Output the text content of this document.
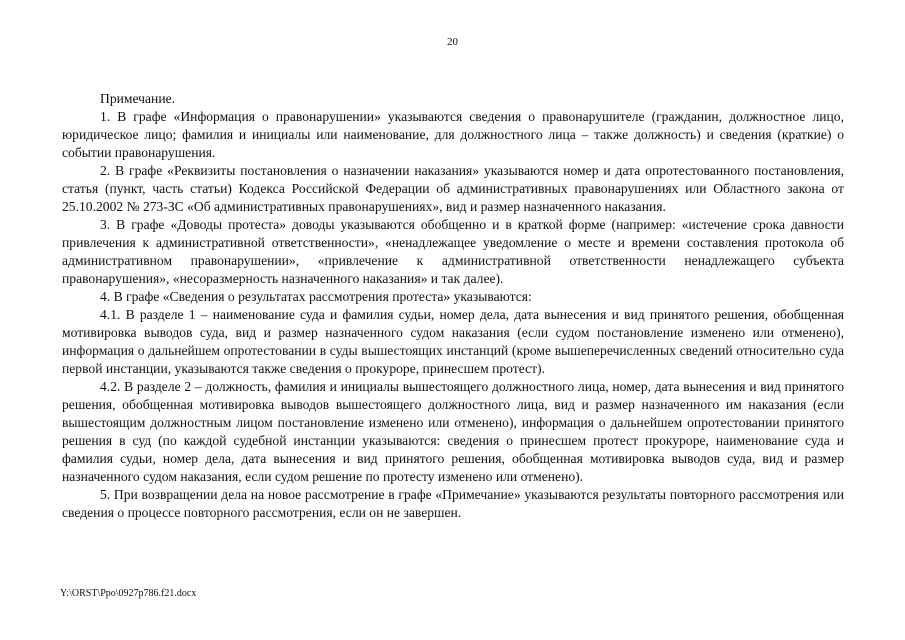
20

Примечание.

1. В графе «Информация о правонарушении» указываются сведения о правонарушителе (гражданин, должностное лицо, юридическое лицо; фамилия и инициалы или наименование, для должностного лица – также должность) и сведения (краткие) о событии правонарушения.

2. В графе «Реквизиты постановления о назначении наказания» указываются номер и дата опротестованного постановления, статья (пункт, часть статьи) Кодекса Российской Федерации об административных правонарушениях или Областного закона от 25.10.2002 № 273-ЗС «Об административных правонарушениях», вид и размер назначенного наказания.

3. В графе «Доводы протеста» доводы указываются обобщенно и в краткой форме (например: «истечение срока давности привлечения к административной ответственности», «ненадлежащее уведомление о месте и времени составления протокола об административном правонарушении», «привлечение к административной ответственности ненадлежащего субъекта правонарушения», «несоразмерность назначенного наказания» и так далее).

4. В графе «Сведения о результатах рассмотрения протеста» указываются:

4.1. В разделе 1 – наименование суда и фамилия судьи, номер дела, дата вынесения и вид принятого решения, обобщенная мотивировка выводов суда, вид и размер назначенного судом наказания (если судом постановление изменено или отменено), информация о дальнейшем опротестовании в суды вышестоящих инстанций (кроме вышеперечисленных сведений относительно суда первой инстанции, указываются также сведения о прокуроре, принесшем протест).

4.2. В разделе 2 – должность, фамилия и инициалы вышестоящего должностного лица, номер, дата вынесения и вид принятого решения, обобщенная мотивировка выводов вышестоящего должностного лица, вид и размер назначенного им наказания (если вышестоящим должностным лицом постановление изменено или отменено), информация о дальнейшем опротестовании принятого решения в суд (по каждой судебной инстанции указываются: сведения о принесшем протест прокуроре, наименование суда и фамилия судьи, номер дела, дата вынесения и вид принятого решения, обобщенная мотивировка выводов суда, вид и размер назначенного судом наказания, если судом решение по протесту изменено или отменено).

5. При возвращении дела на новое рассмотрение в графе «Примечание» указываются результаты повторного рассмотрения или сведения о процессе повторного рассмотрения, если он не завершен.

Y:\ORST\Ppo\0927p786.f21.docx
